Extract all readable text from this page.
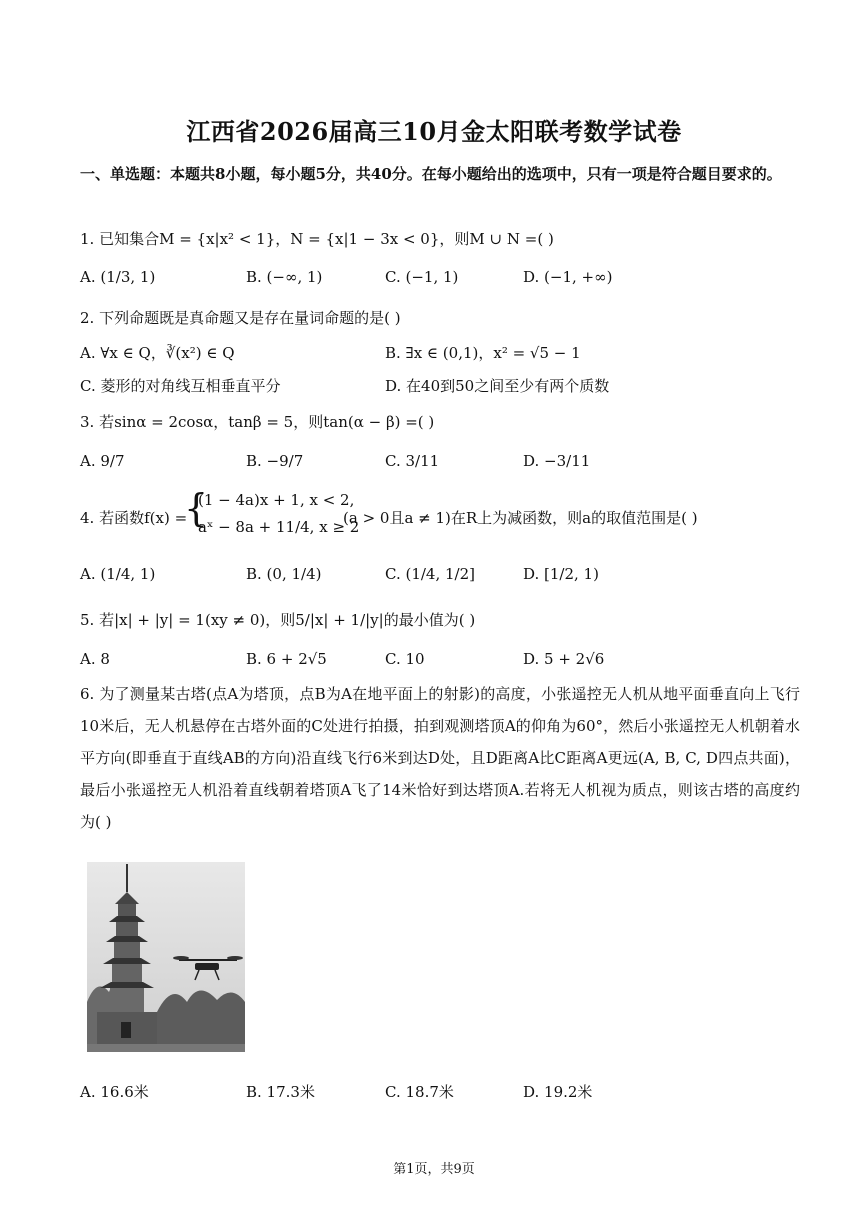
江西省2026届高三10月金太阳联考数学试卷
一、单选题：本题共8小题，每小题5分，共40分。在每小题给出的选项中，只有一项是符合题目要求的。
1. 已知集合M = {x|x² < 1}，N = {x|1 − 3x < 0}，则M ∪ N =( )
A. (1/3, 1)	B. (−∞, 1)	C. (−1, 1)	D. (−1, +∞)
2. 下列命题既是真命题又是存在量词命题的是( )
A. ∀x ∈ Q，∛(x²) ∈ Q	B. ∃x ∈ (0,1)，x² = √5 − 1
C. 菱形的对角线互相垂直平分	D. 在40到50之间至少有两个质数
3. 若sinα = 2cosα，tanβ = 5，则tan(α − β) =( )
A. 9/7	B. −9/7	C. 3/11	D. −3/11
4. 若函数f(x) =
{
(1 − 4a)x + 1, x < 2,
aˣ − 8a + 11/4, x ≥ 2
(a > 0且a ≠ 1)在R上为减函数，则a的取值范围是( )
A. (1/4, 1)	B. (0, 1/4)	C. (1/4, 1/2]	D. [1/2, 1)
5. 若|x| + |y| = 1(xy ≠ 0)，则5/|x| + 1/|y|的最小值为( )
A. 8	B. 6 + 2√5	C. 10	D. 5 + 2√6
6. 为了测量某古塔(点A为塔顶，点B为A在地平面上的射影)的高度，小张遥控无人机从地平面垂直向上飞行10米后，无人机悬停在古塔外面的C处进行拍摄，拍到观测塔顶A的仰角为60°，然后小张遥控无人机朝着水平方向(即垂直于直线AB的方向)沿直线飞行6米到达D处，且D距离A比C距离A更远(A, B, C, D四点共面)，最后小张遥控无人机沿着直线朝着塔顶A飞了14米恰好到达塔顶A.若将无人机视为质点，则该古塔的高度约为( )
A. 16.6米	B. 17.3米	C. 18.7米	D. 19.2米
第1页，共9页
